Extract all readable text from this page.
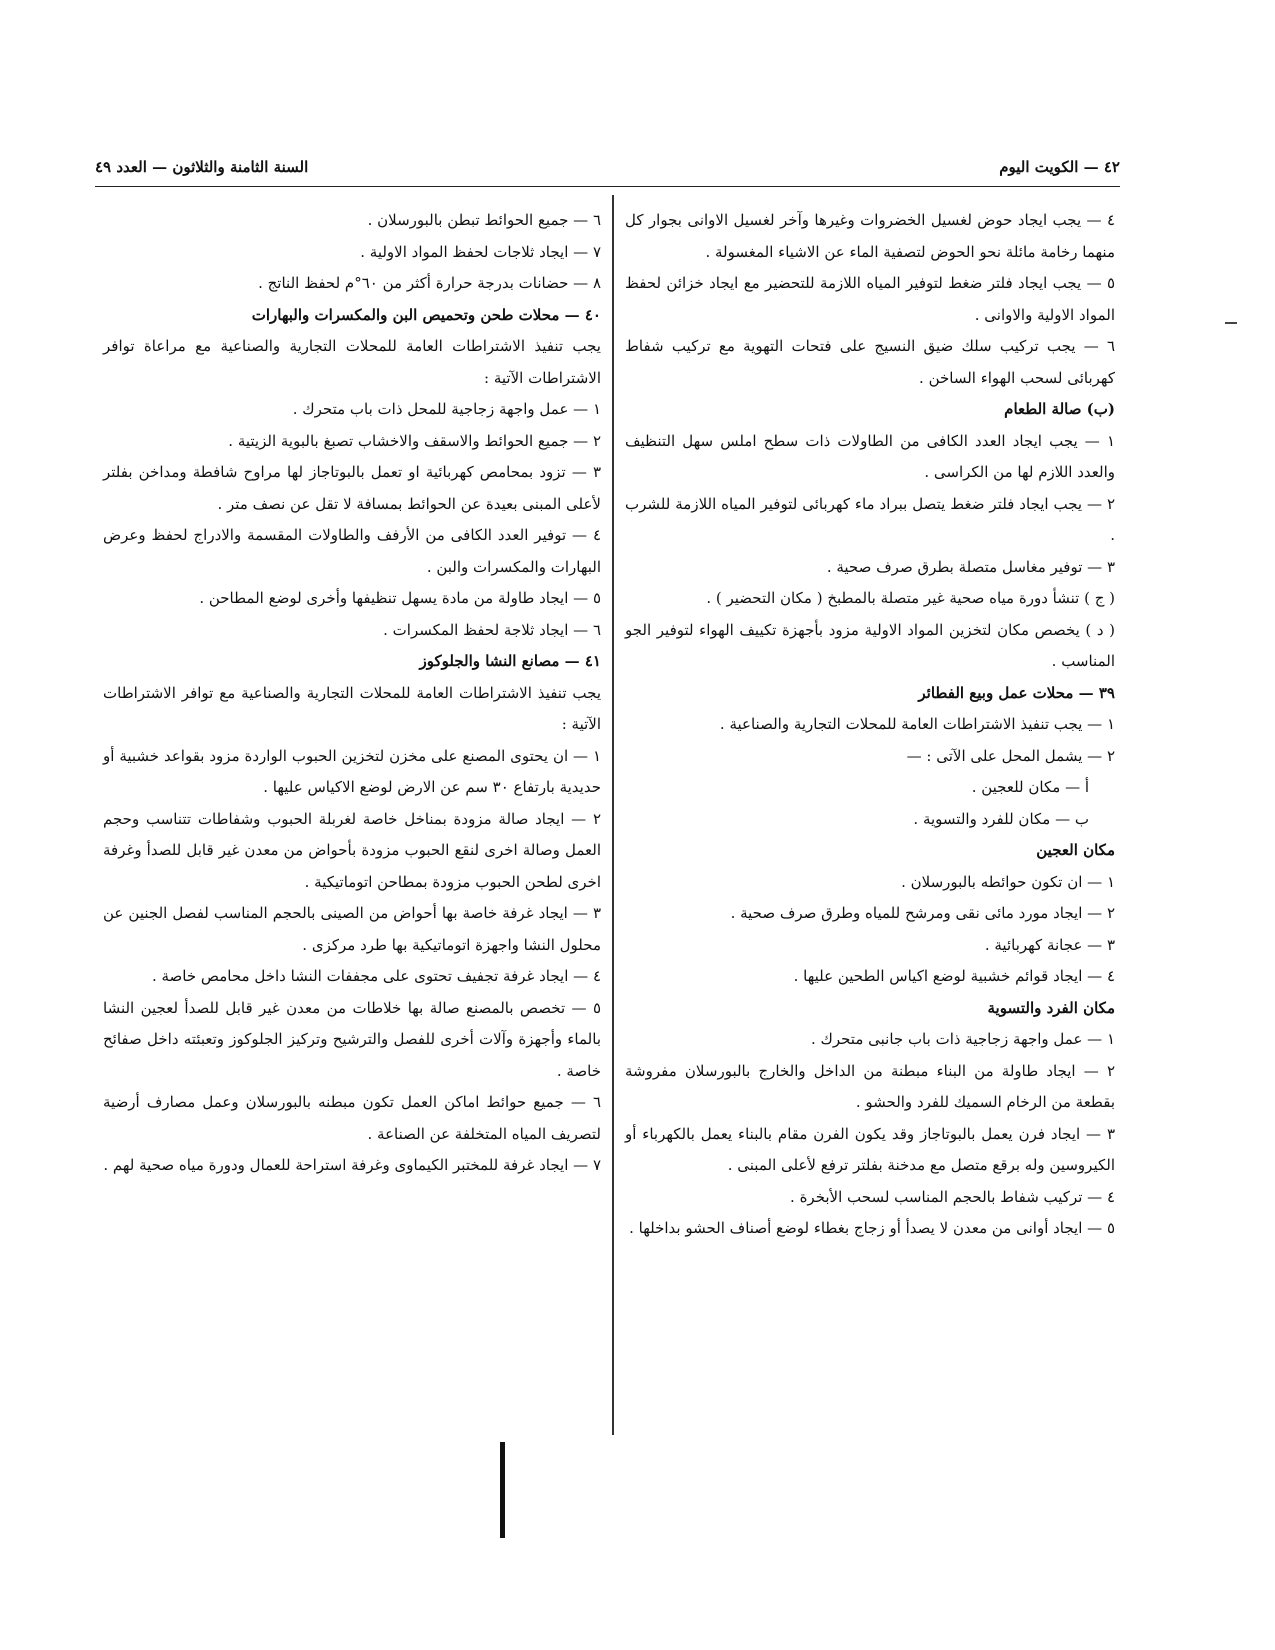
٤٢ — الكويت اليوم
السنة الثامنة والثلاثون — العدد ٤٩

٤ — يجب ايجاد حوض لغسيل الخضروات وغيرها وآخر لغسيل الاوانى بجوار كل منهما رخامة مائلة نحو الحوض لتصفية الماء عن الاشياء المغسولة .

٥ — يجب ايجاد فلتر ضغط لتوفير المياه اللازمة للتحضير مع ايجاد خزائن لحفظ المواد الاولية والاوانى .

٦ — يجب تركيب سلك ضيق النسيج على فتحات التهوية مع تركيب شفاط كهربائى لسحب الهواء الساخن .

(ب) صالة الطعام

١ — يجب ايجاد العدد الكافى من الطاولات ذات سطح املس سهل التنظيف والعدد اللازم لها من الكراسى .

٢ — يجب ايجاد فلتر ضغط يتصل ببراد ماء كهربائى لتوفير المياه اللازمة للشرب .

٣ — توفير مغاسل متصلة بطرق صرف صحية .

( ج ) تنشأ دورة مياه صحية غير متصلة بالمطبخ ( مكان التحضير ) .

( د ) يخصص مكان لتخزين المواد الاولية مزود بأجهزة تكييف الهواء لتوفير الجو المناسب .

٣٩ — محلات عمل وبيع الفطائر

١ — يجب تنفيذ الاشتراطات العامة للمحلات التجارية والصناعية .

٢ — يشمل المحل على الآتى : —

أ — مكان للعجين .

ب — مكان للفرد والتسوية .

مكان العجين

١ — ان تكون حوائطه بالبورسلان .

٢ — ايجاد مورد مائى نقى ومرشح للمياه وطرق صرف صحية .

٣ — عجانة كهربائية .

٤ — ايجاد قوائم خشبية لوضع اكياس الطحين عليها .

مكان الفرد والتسوية

١ — عمل واجهة زجاجية ذات باب جانبى متحرك .

٢ — ايجاد طاولة من البناء مبطنة من الداخل والخارج بالبورسلان مفروشة بقطعة من الرخام السميك للفرد والحشو .

٣ — ايجاد فرن يعمل بالبوتاجاز وقد يكون الفرن مقام بالبناء يعمل بالكهرباء أو الكيروسين وله برقع متصل مع مدخنة بفلتر ترفع لأعلى المبنى .

٤ — تركيب شفاط بالحجم المناسب لسحب الأبخرة .

٥ — ايجاد أوانى من معدن لا يصدأ أو زجاج بغطاء لوضع أصناف الحشو بداخلها .

٦ — جميع الحوائط تبطن بالبورسلان .

٧ — ايجاد ثلاجات لحفظ المواد الاولية .

٨ — حضانات بدرجة حرارة أكثر من ٦٠°م لحفظ الناتج .

٤٠ — محلات طحن وتحميص البن والمكسرات والبهارات

يجب تنفيذ الاشتراطات العامة للمحلات التجارية والصناعية مع مراعاة توافر الاشتراطات الآتية :

١ — عمل واجهة زجاجية للمحل ذات باب متحرك .

٢ — جميع الحوائط والاسقف والاخشاب تصبغ بالبوية الزيتية .

٣ — تزود بمحامص كهربائية او تعمل بالبوتاجاز لها مراوح شافطة ومداخن بفلتر لأعلى المبنى بعيدة عن الحوائط بمسافة لا تقل عن نصف متر .

٤ — توفير العدد الكافى من الأرفف والطاولات المقسمة والادراج لحفظ وعرض البهارات والمكسرات والبن .

٥ — ايجاد طاولة من مادة يسهل تنظيفها وأخرى لوضع المطاحن .

٦ — ايجاد ثلاجة لحفظ المكسرات .

٤١ — مصانع النشا والجلوكوز

يجب تنفيذ الاشتراطات العامة للمحلات التجارية والصناعية مع توافر الاشتراطات الآتية :

١ — ان يحتوى المصنع على مخزن لتخزين الحبوب الواردة مزود بقواعد خشبية أو حديدية بارتفاع ٣٠ سم عن الارض لوضع الاكياس عليها .

٢ — ايجاد صالة مزودة بمناخل خاصة لغربلة الحبوب وشفاطات تتناسب وحجم العمل وصالة اخرى لنقع الحبوب مزودة بأحواض من معدن غير قابل للصدأ وغرفة اخرى لطحن الحبوب مزودة بمطاحن اتوماتيكية .

٣ — ايجاد غرفة خاصة بها أحواض من الصينى بالحجم المناسب لفصل الجنين عن محلول النشا واجهزة اتوماتيكية بها طرد مركزى .

٤ — ايجاد غرفة تجفيف تحتوى على مجففات النشا داخل محامص خاصة .

٥ — تخصص بالمصنع صالة بها خلاطات من معدن غير قابل للصدأ لعجين النشا بالماء وأجهزة وآلات أخرى للفصل والترشيح وتركيز الجلوكوز وتعبئته داخل صفائح خاصة .

٦ — جميع حوائط اماكن العمل تكون مبطنه بالبورسلان وعمل مصارف أرضية لتصريف المياه المتخلفة عن الصناعة .

٧ — ايجاد غرفة للمختبر الكيماوى وغرفة استراحة للعمال ودورة مياه صحية لهم .
